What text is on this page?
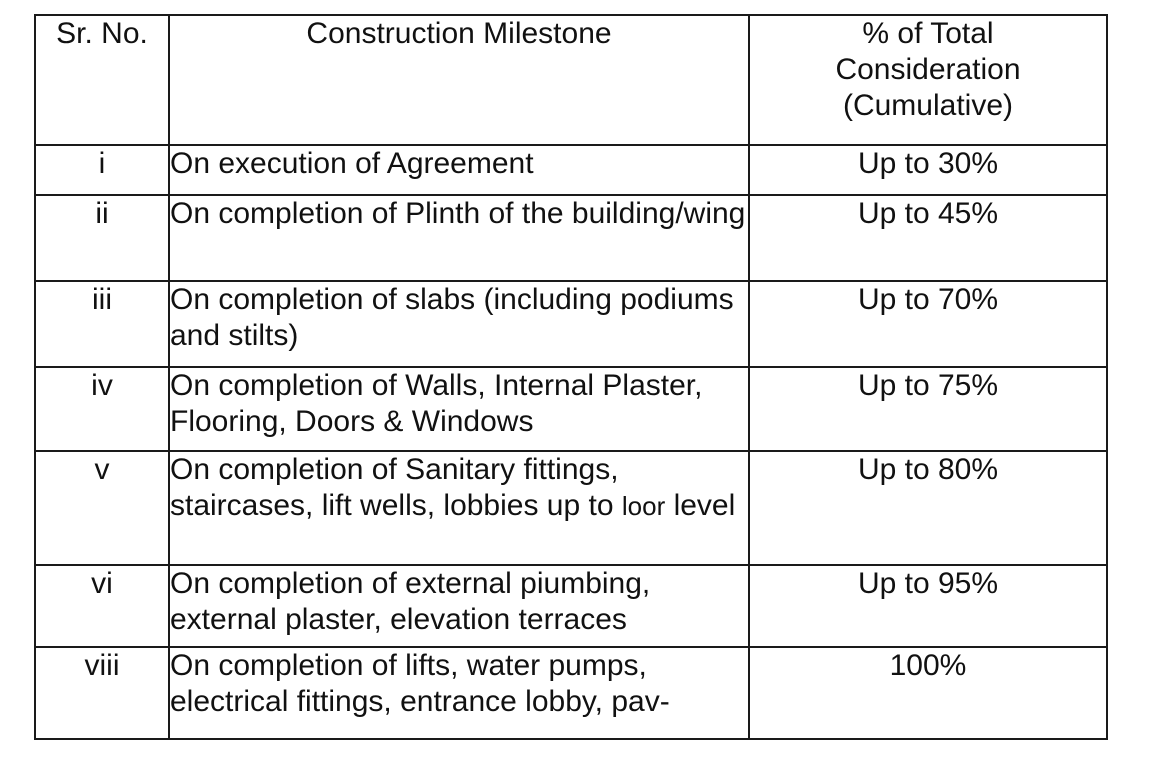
Sr. No.	Construction Milestone	% of Total
Consideration
(Cumulative)
i	On execution of Agreement	Up to 30%
ii	On completion of Plinth of the building/wing	Up to 45%
iii	On completion of slabs (including podiums and stilts)	Up to 70%
iv	On completion of Walls, Internal Plaster, Flooring, Doors & Windows	Up to 75%
v	On completion of Sanitary fittings, staircases, lift wells, lobbies up to loor level	Up to 80%
vi	On completion of external piumbing, external plaster, elevation terraces	Up to 95%
viii	On completion of lifts, water pumps, electrical fittings, entrance lobby, pav-	100%
